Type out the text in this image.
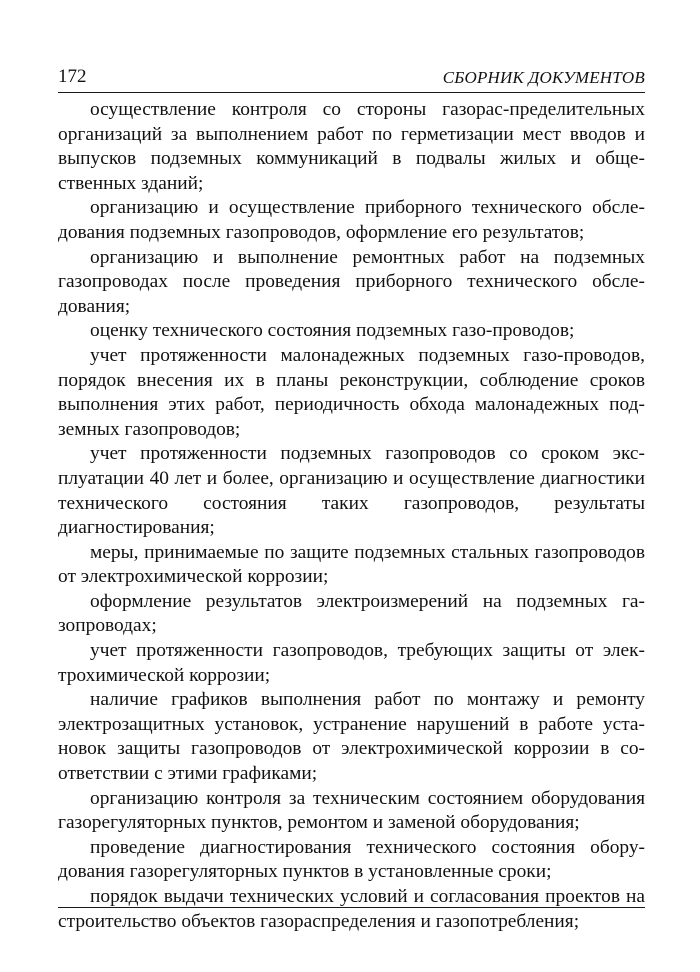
172	СБОРНИК ДОКУМЕНТОВ

осуществление контроля со стороны газорас-пределительных организаций за выполнением работ по герметизации мест вводов и выпусков подземных коммуникаций в подвалы жилых и общественных зданий;

организацию и осуществление приборного технического обследования подземных газопроводов, оформление его результатов;

организацию и выполнение ремонтных работ на подземных газопроводах после проведения приборного технического обследования;

оценку технического состояния подземных газо-проводов;

учет протяженности малонадежных подземных газо-проводов, порядок внесения их в планы реконструкции, соблюдение сроков выполнения этих работ, периодичность обхода малонадежных подземных газопроводов;

учет протяженности подземных газопроводов со сроком эксплуатации 40 лет и более, организацию и осуществление диагностики технического состояния таких газопроводов, результаты диагностирования;

меры, принимаемые по защите подземных стальных газопроводов от электрохимической коррозии;

оформление результатов электроизмерений на подземных газопроводах;

учет протяженности газопроводов, требующих защиты от электрохимической коррозии;

наличие графиков выполнения работ по монтажу и ремонту электрозащитных установок, устранение нарушений в работе установок защиты газопроводов от электрохимической коррозии в соответствии с этими графиками;

организацию контроля за техническим состоянием оборудования газорегуляторных пунктов, ремонтом и заменой оборудования;

проведение диагностирования технического состояния оборудования газорегуляторных пунктов в установленные сроки;

порядок выдачи технических условий и согласования проектов на строительство объектов газораспределения и газопотребления;
